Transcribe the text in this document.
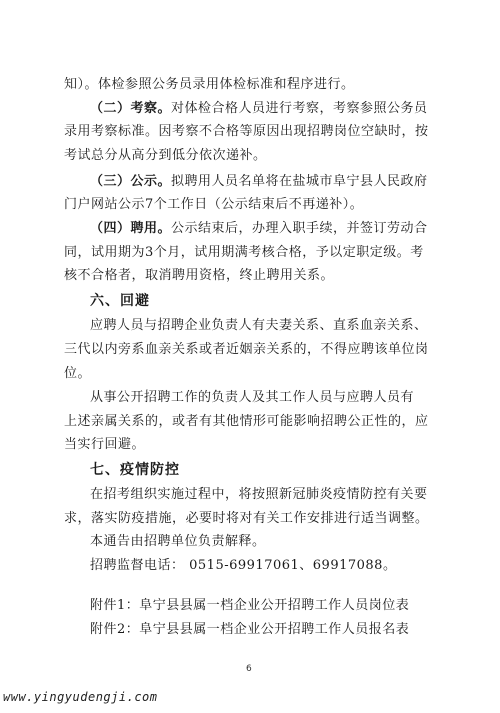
知）。体检参照公务员录用体检标准和程序进行。
（二）考察。对体检合格人员进行考察，考察参照公务员
录用考察标准。因考察不合格等原因出现招聘岗位空缺时，按
考试总分从高分到低分依次递补。
（三）公示。拟聘用人员名单将在盐城市阜宁县人民政府
门户网站公示7个工作日（公示结束后不再递补）。
（四）聘用。公示结束后，办理入职手续，并签订劳动合
同，试用期为3个月，试用期满考核合格，予以定职定级。考
核不合格者，取消聘用资格，终止聘用关系。
六、回避
应聘人员与招聘企业负责人有夫妻关系、直系血亲关系、
三代以内旁系血亲关系或者近姻亲关系的，不得应聘该单位岗
位。
从事公开招聘工作的负责人及其工作人员与应聘人员有
上述亲属关系的，或者有其他情形可能影响招聘公正性的，应
当实行回避。
七、疫情防控
在招考组织实施过程中，将按照新冠肺炎疫情防控有关要
求，落实防疫措施，必要时将对有关工作安排进行适当调整。
本通告由招聘单位负责解释。
招聘监督电话： 0515-69917061、69917088。
附件1：阜宁县县属一档企业公开招聘工作人员岗位表
附件2：阜宁县县属一档企业公开招聘工作人员报名表
6
www.yingyudengji.com
